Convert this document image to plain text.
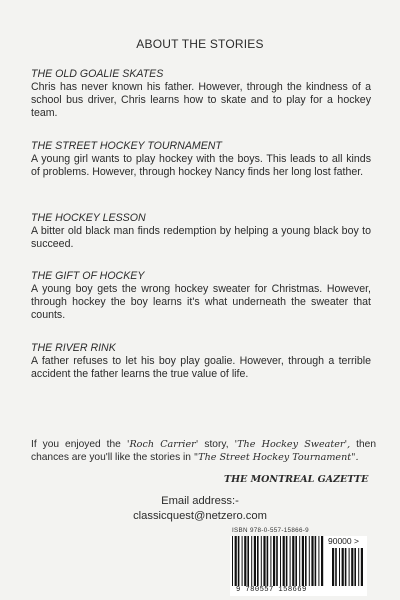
ABOUT THE STORIES

THE OLD GOALIE SKATES

Chris has never known his father. However, through the kindness of a school bus driver, Chris learns how to skate and to play for a hockey team.

THE STREET HOCKEY TOURNAMENT

A young girl wants to play hockey with the boys. This leads to all kinds of problems. However, through hockey Nancy finds her long lost father.

THE HOCKEY LESSON

A bitter old black man finds redemption by helping a young black boy to succeed.

THE GIFT OF HOCKEY

A young boy gets the wrong hockey sweater for Christmas. However, through hockey the boy learns it's what underneath the sweater that counts.

THE RIVER RINK

A father refuses to let his boy play goalie. However, through a terrible accident the father learns the true value of life.

If you enjoyed the 'Roch Carrier' story, 'The Hockey Sweater', then chances are you'll like the stories in "The Street Hockey Tournament".
THE MONTREAL GAZETTE
Email address:-
classicquest@netzero.com
ISBN 978-0-557-15866-9
90000 >
9 780557 158669
